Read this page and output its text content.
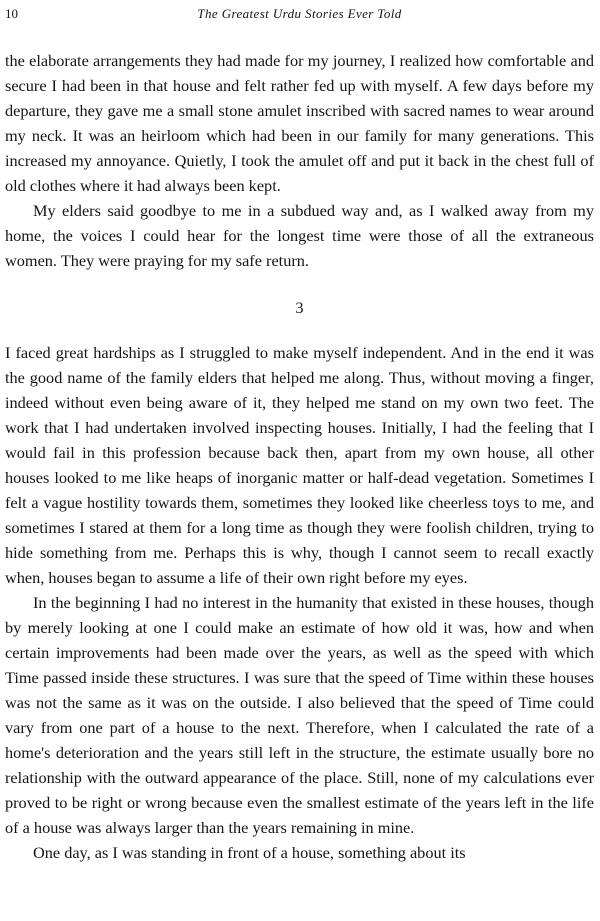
10	The Greatest Urdu Stories Ever Told

the elaborate arrangements they had made for my journey, I realized how comfortable and secure I had been in that house and felt rather fed up with myself. A few days before my departure, they gave me a small stone amulet inscribed with sacred names to wear around my neck. It was an heirloom which had been in our family for many generations. This increased my annoyance. Quietly, I took the amulet off and put it back in the chest full of old clothes where it had always been kept.

My elders said goodbye to me in a subdued way and, as I walked away from my home, the voices I could hear for the longest time were those of all the extraneous women. They were praying for my safe return.

3

I faced great hardships as I struggled to make myself independent. And in the end it was the good name of the family elders that helped me along. Thus, without moving a finger, indeed without even being aware of it, they helped me stand on my own two feet. The work that I had undertaken involved inspecting houses. Initially, I had the feeling that I would fail in this profession because back then, apart from my own house, all other houses looked to me like heaps of inorganic matter or half-dead vegetation. Sometimes I felt a vague hostility towards them, sometimes they looked like cheerless toys to me, and sometimes I stared at them for a long time as though they were foolish children, trying to hide something from me. Perhaps this is why, though I cannot seem to recall exactly when, houses began to assume a life of their own right before my eyes.

In the beginning I had no interest in the humanity that existed in these houses, though by merely looking at one I could make an estimate of how old it was, how and when certain improvements had been made over the years, as well as the speed with which Time passed inside these structures. I was sure that the speed of Time within these houses was not the same as it was on the outside. I also believed that the speed of Time could vary from one part of a house to the next. Therefore, when I calculated the rate of a home's deterioration and the years still left in the structure, the estimate usually bore no relationship with the outward appearance of the place. Still, none of my calculations ever proved to be right or wrong because even the smallest estimate of the years left in the life of a house was always larger than the years remaining in mine.

One day, as I was standing in front of a house, something about its
